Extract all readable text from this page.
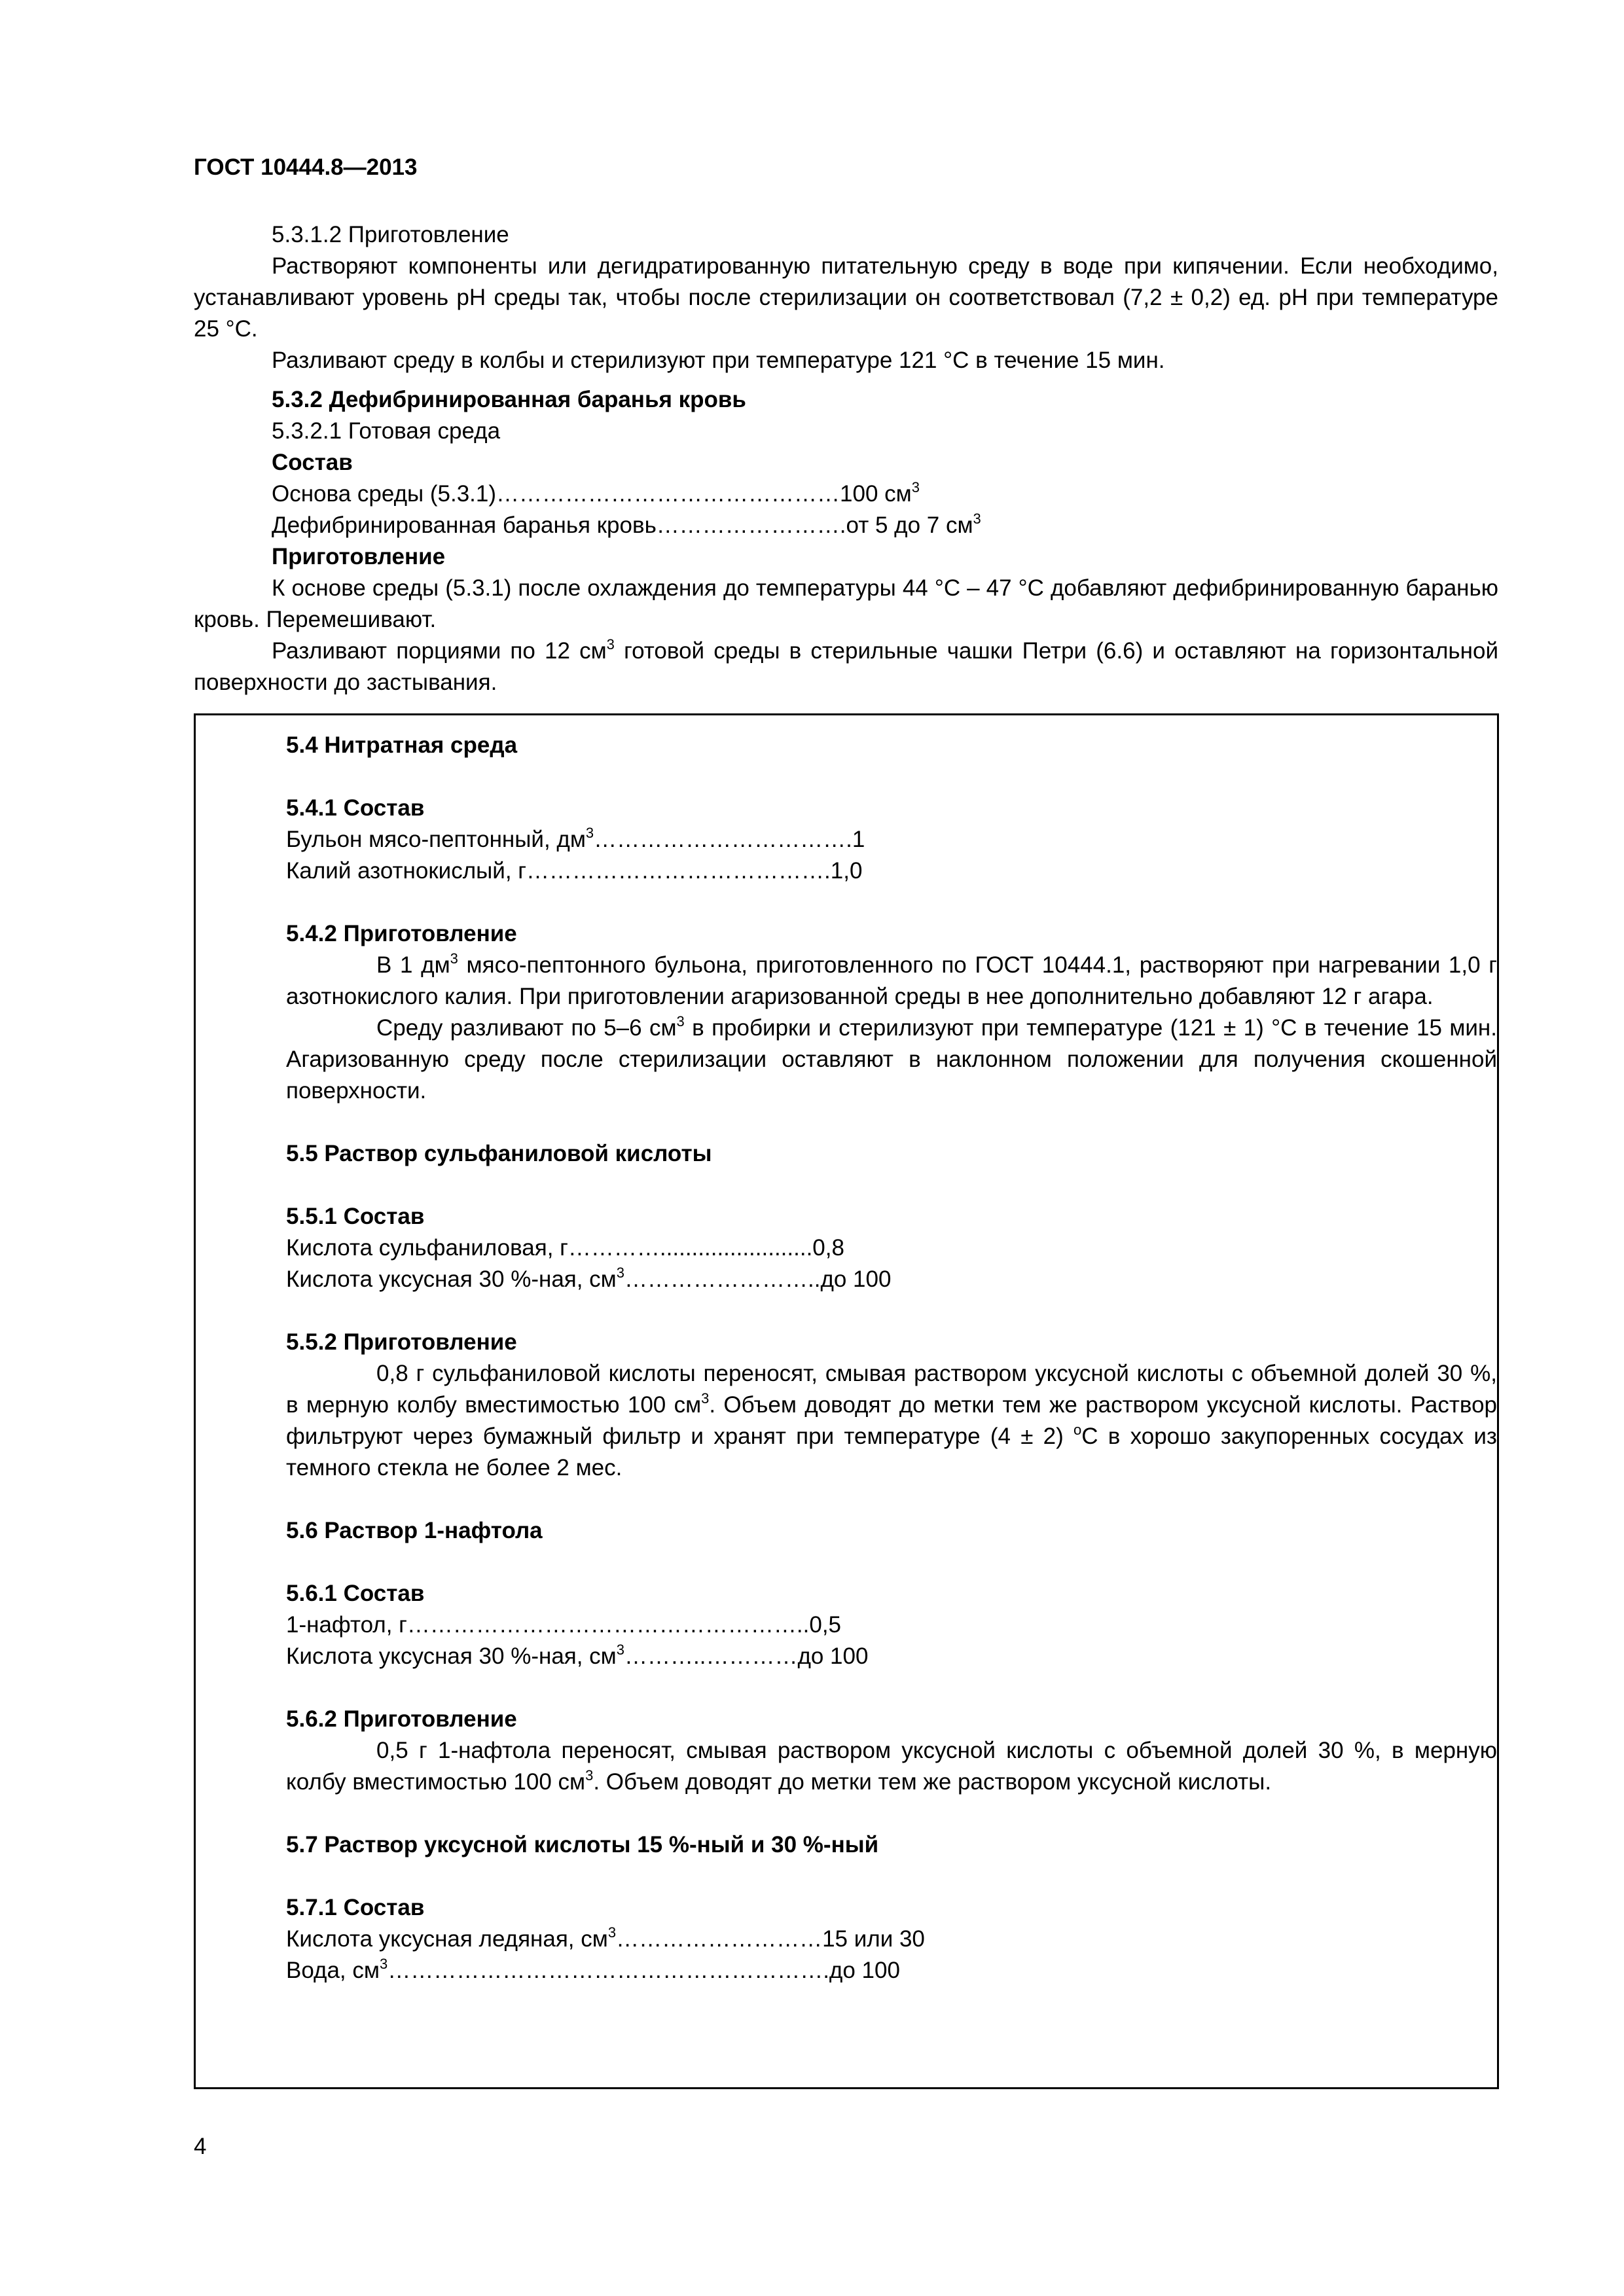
ГОСТ 10444.8—2013

5.3.1.2 Приготовление

Растворяют компоненты или дегидратированную питательную среду в воде при кипячении. Если необходимо, устанавливают уровень pH среды так, чтобы после стерилизации он соответствовал (7,2 ± 0,2) ед. pH при температуре 25 °С.

Разливают среду в колбы и стерилизуют при температуре 121 °С в течение 15 мин.

5.3.2 Дефибринированная баранья кровь

5.3.2.1 Готовая среда

Состав

Основа среды (5.3.1)………………………………………100 $см^3$

Дефибринированная баранья кровь…………………….от 5 до 7 $см^3$

Приготовление

К основе среды (5.3.1) после охлаждения до температуры 44 °С – 47 °С добавляют дефибринированную баранью кровь. Перемешивают.

Разливают порциями по 12 $см^3$ готовой среды в стерильные чашки Петри (6.6) и оставляют на горизонтальной поверхности до застывания.

5.4 Нитратная среда

5.4.1 Состав

Бульон мясо-пептонный, $дм^3\dots\dots\dots\dots\dots\dots\dots\dots\dots\dots\dots.1$

Калий азотнокислый, г………………………………….1,0

5.4.2 Приготовление

В 1 $дм^3$ мясо-пептонного бульона, приготовленного по ГОСТ 10444.1, растворяют при нагревании 1,0 г азотнокислого калия. При приготовлении агаризованной среды в нее дополнительно добавляют 12 г агара.

Среду разливают по 5–6 $см^3$ в пробирки и стерилизуют при температуре (121 ± 1) °С в течение 15 мин. Агаризованную среду после стерилизации оставляют в наклонном положении для получения скошенной поверхности.

5.5 Раствор сульфаниловой кислоты

5.5.1 Состав

Кислота сульфаниловая, г…………........................0,8

Кислота уксусная 30 %-ная, $см^3\dots\dots\dots\dots\dots\dots\dots\dots..до$ 100

5.5.2 Приготовление

0,8 г сульфаниловой кислоты переносят, смывая раствором уксусной кислоты с объемной долей 30 %, в мерную колбу вместимостью 100 $см^3$. Объем доводят до метки тем же раствором уксусной кислоты. Раствор фильтруют через бумажный фильтр и хранят при температуре (4 ± 2) $^о$С в хорошо закупоренных сосудах из темного стекла не более 2 мес.

5.6 Раствор 1-нафтола

5.6.1 Состав

1-нафтол, г……………………………………………..0,5

Кислота уксусная 30 %-ная, $см^3\dots\dots\dots..\dots\dots\dots\dots до$ 100

5.6.2 Приготовление

0,5 г 1-нафтола переносят, смывая раствором уксусной кислоты с объемной долей 30 %, в мерную колбу вместимостью 100 $см^3$. Объем доводят до метки тем же раствором уксусной кислоты.

5.7 Раствор уксусной кислоты 15 %-ный и 30 %-ный

5.7.1 Состав

Кислота уксусная ледяная, $см^3\dots\dots\dots\dots\dots\dots\dots\dots\dots 15$ или 30

Вода, $см^3\dots\dots\dots\dots\dots\dots\dots\dots\dots\dots\dots\dots\dots\dots\dots\dots\dots\dots\dots.до$ 100

4
